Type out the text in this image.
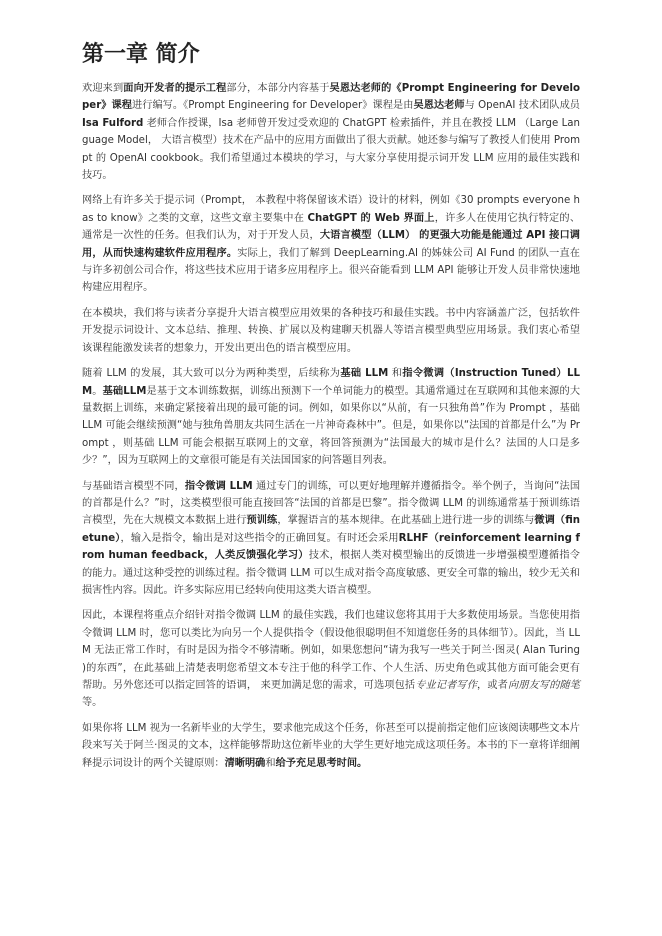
第一章 简介

欢迎来到面向开发者的提示工程部分，本部分内容基于吴恩达老师的《Prompt Engineering for Developer》课程进行编写。《Prompt Engineering for Developer》课程是由吴恩达老师与 OpenAI 技术团队成员 Isa Fulford 老师合作授课，Isa 老师曾开发过受欢迎的 ChatGPT 检索插件，并且在教授 LLM （Large Language Model， 大语言模型）技术在产品中的应用方面做出了很大贡献。她还参与编写了教授人们使用 Prompt 的 OpenAI cookbook。我们希望通过本模块的学习，与大家分享使用提示词开发 LLM 应用的最佳实践和技巧。

网络上有许多关于提示词（Prompt， 本教程中将保留该术语）设计的材料，例如《30 prompts everyone has to know》之类的文章，这些文章主要集中在 ChatGPT 的 Web 界面上，许多人在使用它执行特定的、通常是一次性的任务。但我们认为，对于开发人员，大语言模型（LLM） 的更强大功能是能通过 API 接口调用，从而快速构建软件应用程序。实际上，我们了解到 DeepLearning.AI 的姊妹公司 AI Fund 的团队一直在与许多初创公司合作，将这些技术应用于诸多应用程序上。很兴奋能看到 LLM API 能够让开发人员非常快速地构建应用程序。

在本模块，我们将与读者分享提升大语言模型应用效果的各种技巧和最佳实践。书中内容涵盖广泛，包括软件开发提示词设计、文本总结、推理、转换、扩展以及构建聊天机器人等语言模型典型应用场景。我们衷心希望该课程能激发读者的想象力，开发出更出色的语言模型应用。

随着 LLM 的发展，其大致可以分为两种类型，后续称为基础 LLM 和指令微调（Instruction Tuned）LLM。基础LLM是基于文本训练数据，训练出预测下一个单词能力的模型。其通常通过在互联网和其他来源的大量数据上训练，来确定紧接着出现的最可能的词。例如，如果你以“从前，有一只独角兽”作为 Prompt ，基础 LLM 可能会继续预测“她与独角兽朋友共同生活在一片神奇森林中”。但是，如果你以“法国的首都是什么”为 Prompt ，则基础 LLM 可能会根据互联网上的文章，将回答预测为“法国最大的城市是什么？法国的人口是多少？”，因为互联网上的文章很可能是有关法国国家的问答题目列表。

与基础语言模型不同，指令微调 LLM 通过专门的训练，可以更好地理解并遵循指令。举个例子，当询问“法国的首都是什么？”时，这类模型很可能直接回答“法国的首都是巴黎”。指令微调 LLM 的训练通常基于预训练语言模型，先在大规模文本数据上进行预训练，掌握语言的基本规律。在此基础上进行进一步的训练与微调（finetune），输入是指令，输出是对这些指令的正确回复。有时还会采用RLHF（reinforcement learning from human feedback，人类反馈强化学习）技术，根据人类对模型输出的反馈进一步增强模型遵循指令的能力。通过这种受控的训练过程。指令微调 LLM 可以生成对指令高度敏感、更安全可靠的输出，较少无关和损害性内容。因此。许多实际应用已经转向使用这类大语言模型。

因此，本课程将重点介绍针对指令微调 LLM 的最佳实践，我们也建议您将其用于大多数使用场景。当您使用指令微调 LLM 时，您可以类比为向另一个人提供指令（假设他很聪明但不知道您任务的具体细节）。因此，当 LLM 无法正常工作时，有时是因为指令不够清晰。例如，如果您想问“请为我写一些关于阿兰·图灵( Alan Turing )的东西”，在此基础上清楚表明您希望文本专注于他的科学工作、个人生活、历史角色或其他方面可能会更有帮助。另外您还可以指定回答的语调， 来更加满足您的需求，可选项包括专业记者写作，或者向朋友写的随笔等。

如果你将 LLM 视为一名新毕业的大学生，要求他完成这个任务，你甚至可以提前指定他们应该阅读哪些文本片段来写关于阿兰·图灵的文本，这样能够帮助这位新毕业的大学生更好地完成这项任务。本书的下一章将详细阐释提示词设计的两个关键原则：清晰明确和给予充足思考时间。
